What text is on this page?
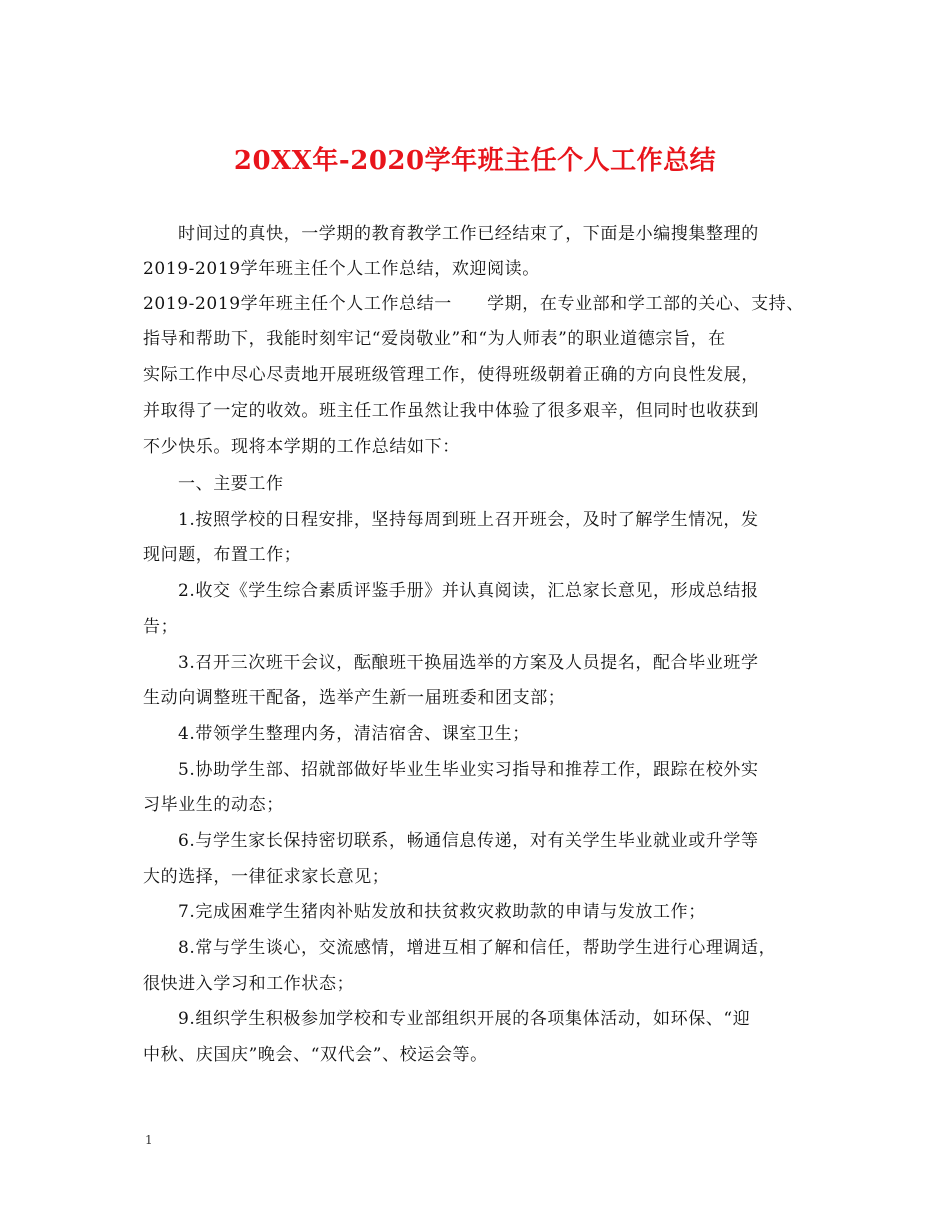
20XX年-2020学年班主任个人工作总结
时间过的真快，一学期的教育教学工作已经结束了，下面是小编搜集整理的
2019-2019学年班主任个人工作总结，欢迎阅读。
2019-2019学年班主任个人工作总结一　　学期，在专业部和学工部的关心、支持、
指导和帮助下，我能时刻牢记“爱岗敬业”和“为人师表”的职业道德宗旨，在
实际工作中尽心尽责地开展班级管理工作，使得班级朝着正确的方向良性发展，
并取得了一定的收效。班主任工作虽然让我中体验了很多艰辛，但同时也收获到
不少快乐。现将本学期的工作总结如下：
一、主要工作
1.按照学校的日程安排，坚持每周到班上召开班会，及时了解学生情况，发
现问题，布置工作；
2.收交《学生综合素质评鉴手册》并认真阅读，汇总家长意见，形成总结报
告；
3.召开三次班干会议，酝酿班干换届选举的方案及人员提名，配合毕业班学
生动向调整班干配备，选举产生新一届班委和团支部；
4.带领学生整理内务，清洁宿舍、课室卫生；
5.协助学生部、招就部做好毕业生毕业实习指导和推荐工作，跟踪在校外实
习毕业生的动态；
6.与学生家长保持密切联系，畅通信息传递，对有关学生毕业就业或升学等
大的选择，一律征求家长意见；
7.完成困难学生猪肉补贴发放和扶贫救灾救助款的申请与发放工作；
8.常与学生谈心，交流感情，增进互相了解和信任，帮助学生进行心理调适，
很快进入学习和工作状态；
9.组织学生积极参加学校和专业部组织开展的各项集体活动，如环保、“迎
中秋、庆国庆”晚会、“双代会”、校运会等。
1
